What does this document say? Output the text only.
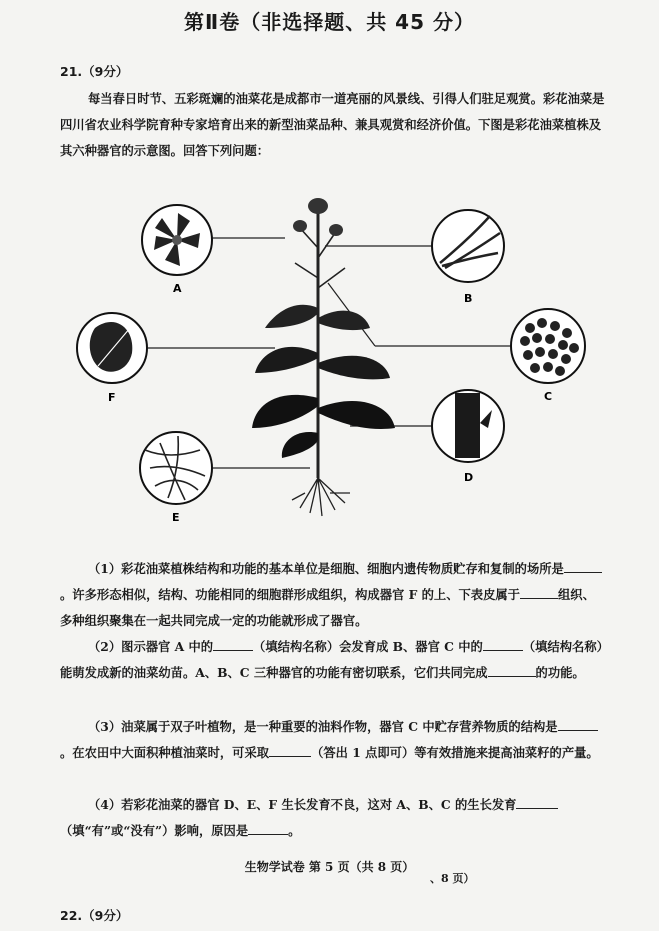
第Ⅱ卷（非选择题、共 45 分）
21.（9分）
每当春日时节、五彩斑斓的油菜花是成都市一道亮丽的风景线、引得人们驻足观赏。彩花油菜是四川省农业科学院育种专家培育出来的新型油菜品种、兼具观赏和经济价值。下图是彩花油菜植株及其六种器官的示意图。回答下列问题：
A
B
C
D
F
E
（1）彩花油菜植株结构和功能的基本单位是细胞、细胞内遗传物质贮存和复制的场所是。许多形态相似，结构、功能相同的细胞群形成组织，构成器官 F 的上、下表皮属于	组织、多种组织聚集在一起共同完成一定的功能就形成了器官。
（2）图示器官 A 中的	（填结构名称）会发育成 B、器官 C 中的	（填结构名称）能萌发成新的油菜幼苗。A、B、C 三种器官的功能有密切联系，它们共同完成	的功能。
（3）油菜属于双子叶植物，是一种重要的油料作物，器官 C 中贮存营养物质的结构是。在农田中大面积种植油菜时，可采取	（答出 1 点即可）等有效措施来提高油菜籽的产量。
（4）若彩花油菜的器官 D、E、F 生长发育不良，这对 A、B、C 的生长发育（填“有”或“没有”）影响，原因是	。
生物学试卷 第 5 页（共 8 页）
、8 页）
22.（9分）
